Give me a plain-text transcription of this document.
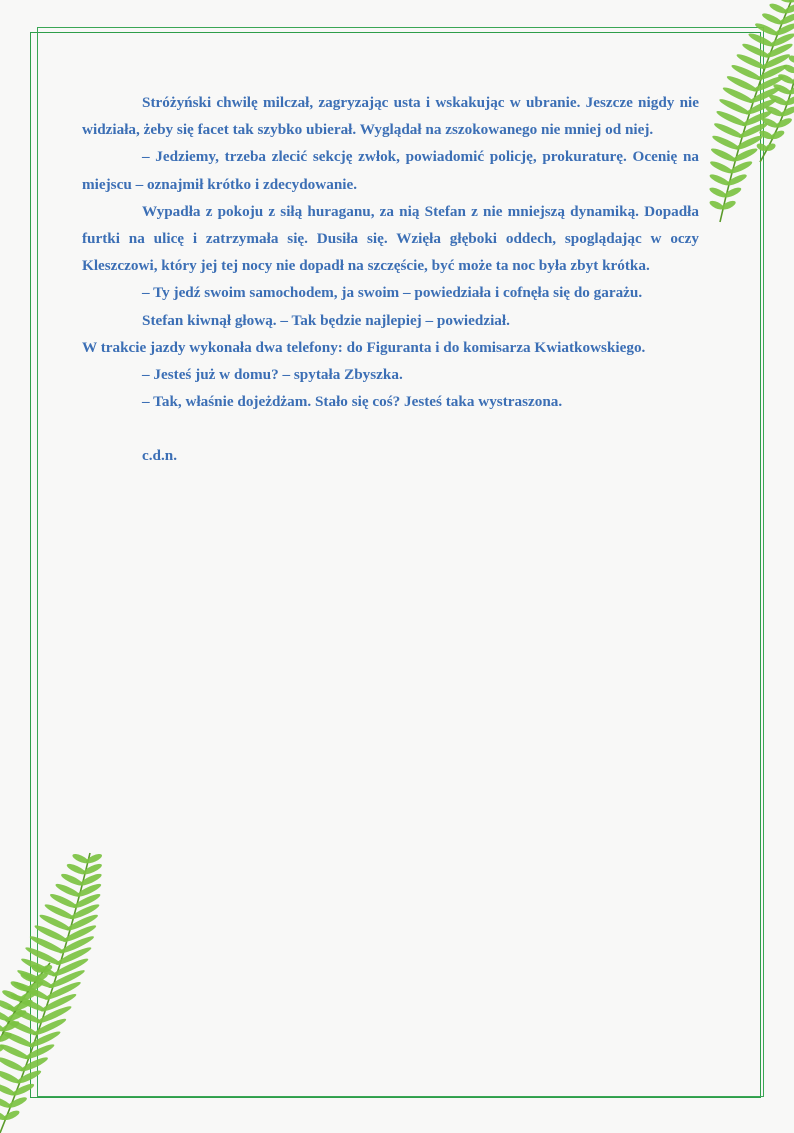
Stróżyński chwilę milczał, zagryzając usta i wskakując w ubranie. Jeszcze nigdy nie widziała, żeby się facet tak szybko ubierał. Wyglądał na zszokowanego nie mniej od niej.

– Jedziemy, trzeba zlecić sekcję zwłok, powiadomić policję, prokuraturę. Ocenię na miejscu – oznajmił krótko i zdecydowanie.

Wypadła z pokoju z siłą huraganu, za nią Stefan z nie mniejszą dynamiką. Dopadła furtki na ulicę i zatrzymała się. Dusiła się. Wzięła głęboki oddech, spoglądając w oczy Kleszczowi, który jej tej nocy nie dopadł na szczęście, być może ta noc była zbyt krótka.

– Ty jedź swoim samochodem, ja swoim – powiedziała i cofnęła się do garażu.

Stefan kiwnął głową. – Tak będzie najlepiej – powiedział.

W trakcie jazdy wykonała dwa telefony: do Figuranta i do komisarza Kwiatkowskiego.

– Jesteś już w domu? – spytała Zbyszka.

– Tak, właśnie dojeżdżam. Stało się coś? Jesteś taka wystraszona.

c.d.n.
